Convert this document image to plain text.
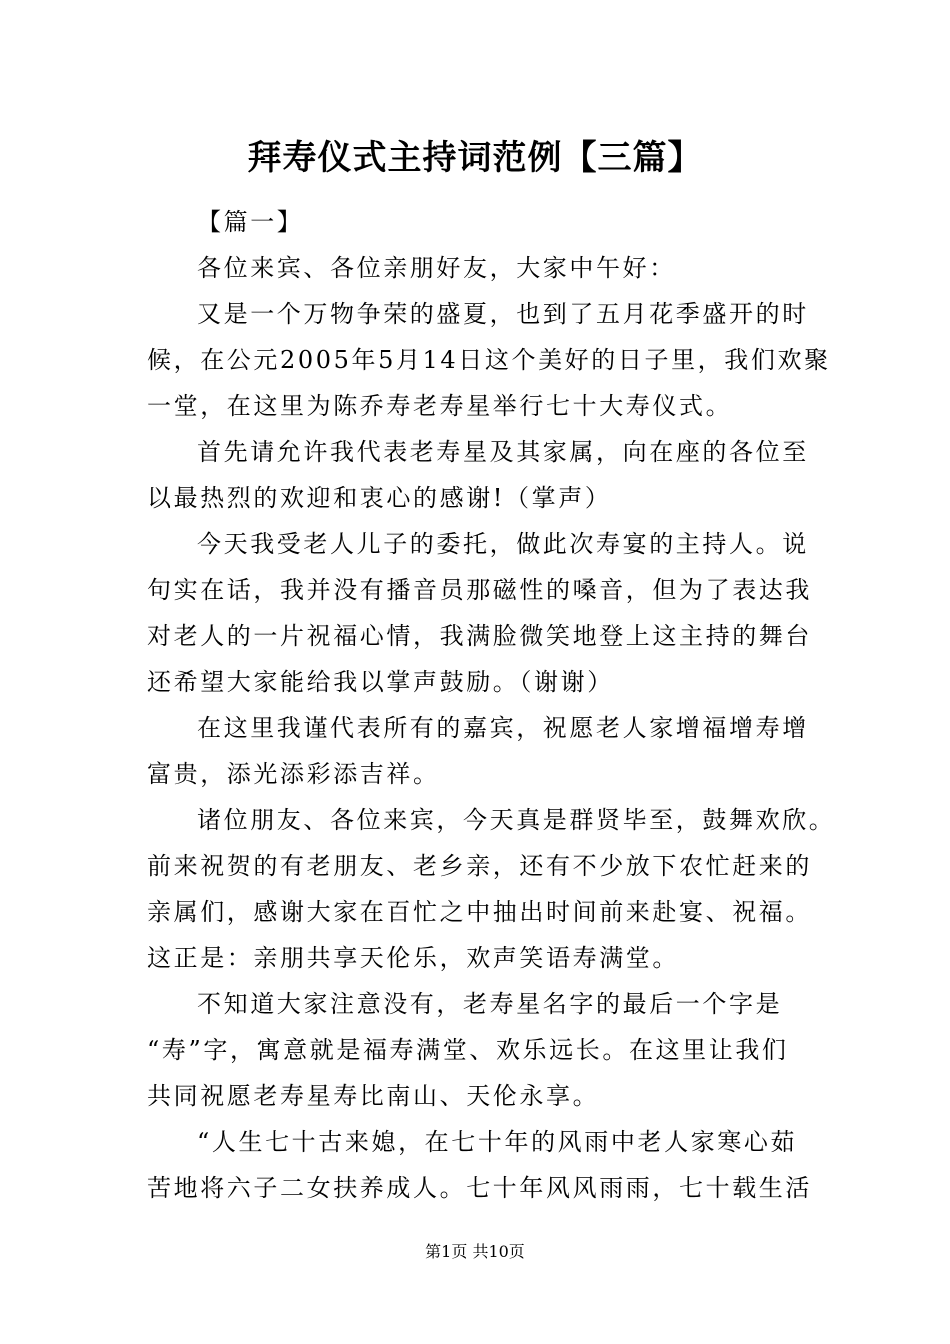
拜寿仪式主持词范例【三篇】
【篇一】
各位来宾、各位亲朋好友，大家中午好：
又是一个万物争荣的盛夏，也到了五月花季盛开的时
候，在公元2005年5月14日这个美好的日子里，我们欢聚
一堂，在这里为陈乔寿老寿星举行七十大寿仪式。
首先请允许我代表老寿星及其家属，向在座的各位至
以最热烈的欢迎和衷心的感谢!（掌声）
今天我受老人儿子的委托，做此次寿宴的主持人。说
句实在话，我并没有播音员那磁性的嗓音，但为了表达我
对老人的一片祝福心情，我满脸微笑地登上这主持的舞台
还希望大家能给我以掌声鼓励。（谢谢）
在这里我谨代表所有的嘉宾，祝愿老人家增福增寿增
富贵，添光添彩添吉祥。
诸位朋友、各位来宾，今天真是群贤毕至，鼓舞欢欣。
前来祝贺的有老朋友、老乡亲，还有不少放下农忙赶来的
亲属们，感谢大家在百忙之中抽出时间前来赴宴、祝福。
这正是：亲朋共享天伦乐，欢声笑语寿满堂。
不知道大家注意没有，老寿星名字的最后一个字是
“寿”字，寓意就是福寿满堂、欢乐远长。在这里让我们
共同祝愿老寿星寿比南山、天伦永享。
“人生七十古来媳，在七十年的风雨中老人家寒心茹
苦地将六子二女扶养成人。七十年风风雨雨，七十载生活
第1页 共10页
